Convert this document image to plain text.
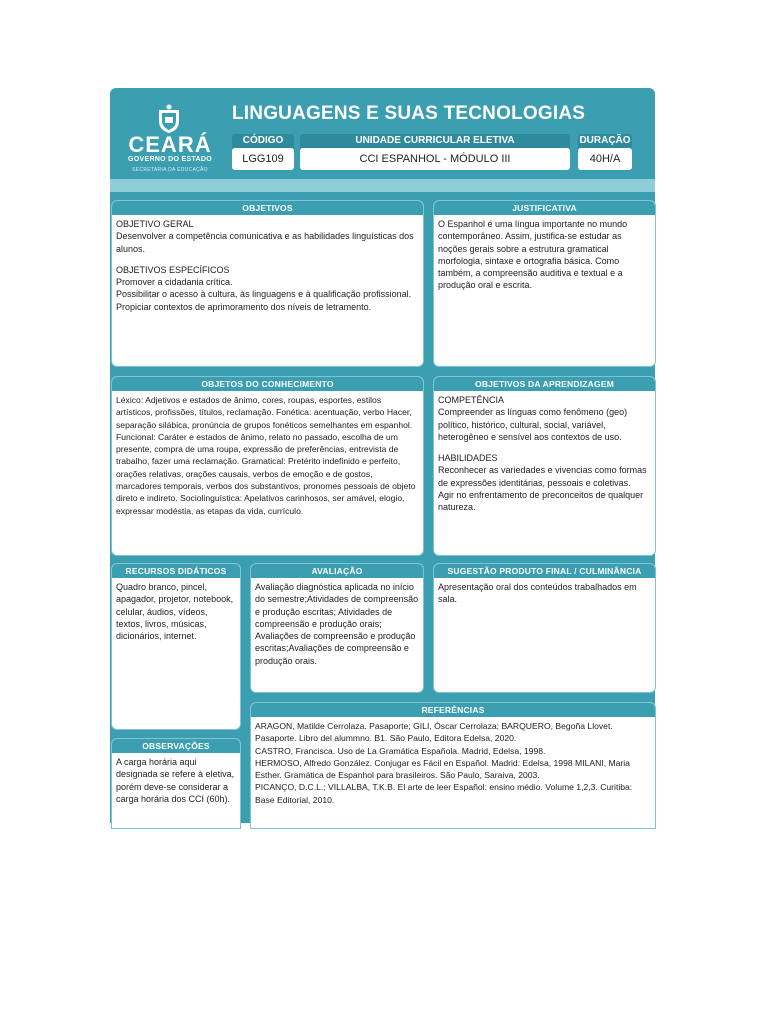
CEARÁ
GOVERNO DO ESTADO
SECRETARIA DA EDUCAÇÃO
LINGUAGENS E SUAS TECNOLOGIAS
CÓDIGO
LGG109
UNIDADE CURRICULAR ELETIVA
CCI ESPANHOL - MÓDULO III
DURAÇÃO
40H/A
OBJETIVOS

OBJETIVO GERAL

Desenvolver a competência comunicativa e as habilidades linguísticas dos alunos.

OBJETIVOS ESPECÍFICOS

Promover a cidadania crítica.

Possibilitar o acesso à cultura, às linguagens e à qualificação profissional.

Propiciar contextos de aprimoramento dos níveis de letramento.

JUSTIFICATIVA

O Espanhol é uma língua importante no mundo contemporâneo. Assim, justifica-se estudar as noções gerais sobre a estrutura gramatical morfologia, sintaxe e ortografia básica. Como também, a compreensão auditiva e textual e a produção oral e escrita.

OBJETOS DO CONHECIMENTO

Léxico: Adjetivos e estados de ânimo, cores, roupas, esportes, estilos artísticos, profissões, títulos, reclamação. Fonética: acentuação, verbo Hacer, separação silábica, pronúncia de grupos fonéticos semelhantes em espanhol. Funcional: Caráter e estados de ânimo, relato no passado, escolha de um presente, compra de uma roupa, expressão de preferências, entrevista de trabalho, fazer uma reclamação. Gramatical: Pretérito indefinido e perfeito, orações relativas, orações causais, verbos de emoção e de gostos, marcadores temporais, verbos dos substantivos, pronomes pessoais de objeto direto e indireto. Sociolinguística: Apelativos carinhosos, ser amável, elogio, expressar modéstia, as etapas da vida, currículo.

OBJETIVOS DA APRENDIZAGEM

COMPETÊNCIA

Compreender as línguas como fenômeno (geo) político, histórico, cultural, social, variável, heterogêneo e sensível aos contextos de uso.

HABILIDADES

Reconhecer as variedades e vivencias como formas de expressões identitárias, pessoais e coletivas.

Agir no enfrentamento de preconceitos de qualquer natureza.

RECURSOS DIDÁTICOS

Quadro branco, pincel, apagador, projetor, notebook, celular, áudios, vídeos, textos, livros, músicas, dicionários, internet.

AVALIAÇÃO

Avaliação diagnóstica aplicada no início do semestre;Atividades de compreensão e produção escritas; Atividades de compreensão e produção orais; Avaliações de compreensão e produção escritas;Avaliações de compreensão e produção orais.

SUGESTÃO PRODUTO FINAL / CULMINÂNCIA

Apresentação oral dos conteúdos trabalhados em sala.

REFERÊNCIAS

ARAGON, Matilde Cerrolaza. Pasaporte; GILI, Óscar Cerrolaza; BARQUERO, Begoña Llovet. Pasaporte. Libro del alummno. B1. São Paulo, Editora Edelsa, 2020.

CASTRO, Francisca. Uso de La Gramática Española. Madrid, Edelsa, 1998.

HERMOSO, Alfredo González. Conjugar es Fácil en Español. Madrid: Edelsa, 1998 MILANI, Maria Esther. Gramática de Espanhol para brasileiros. São Paulo, Saraiva, 2003.

PICANÇO, D.C.L.; VILLALBA, T.K.B. El arte de leer Español: ensino médio. Volume 1,2,3. Curitiba: Base Editorial, 2010.

OBSERVAÇÕES

A carga horária aqui designada se refere à eletiva, porém deve-se considerar a carga horária dos CCI (60h).
